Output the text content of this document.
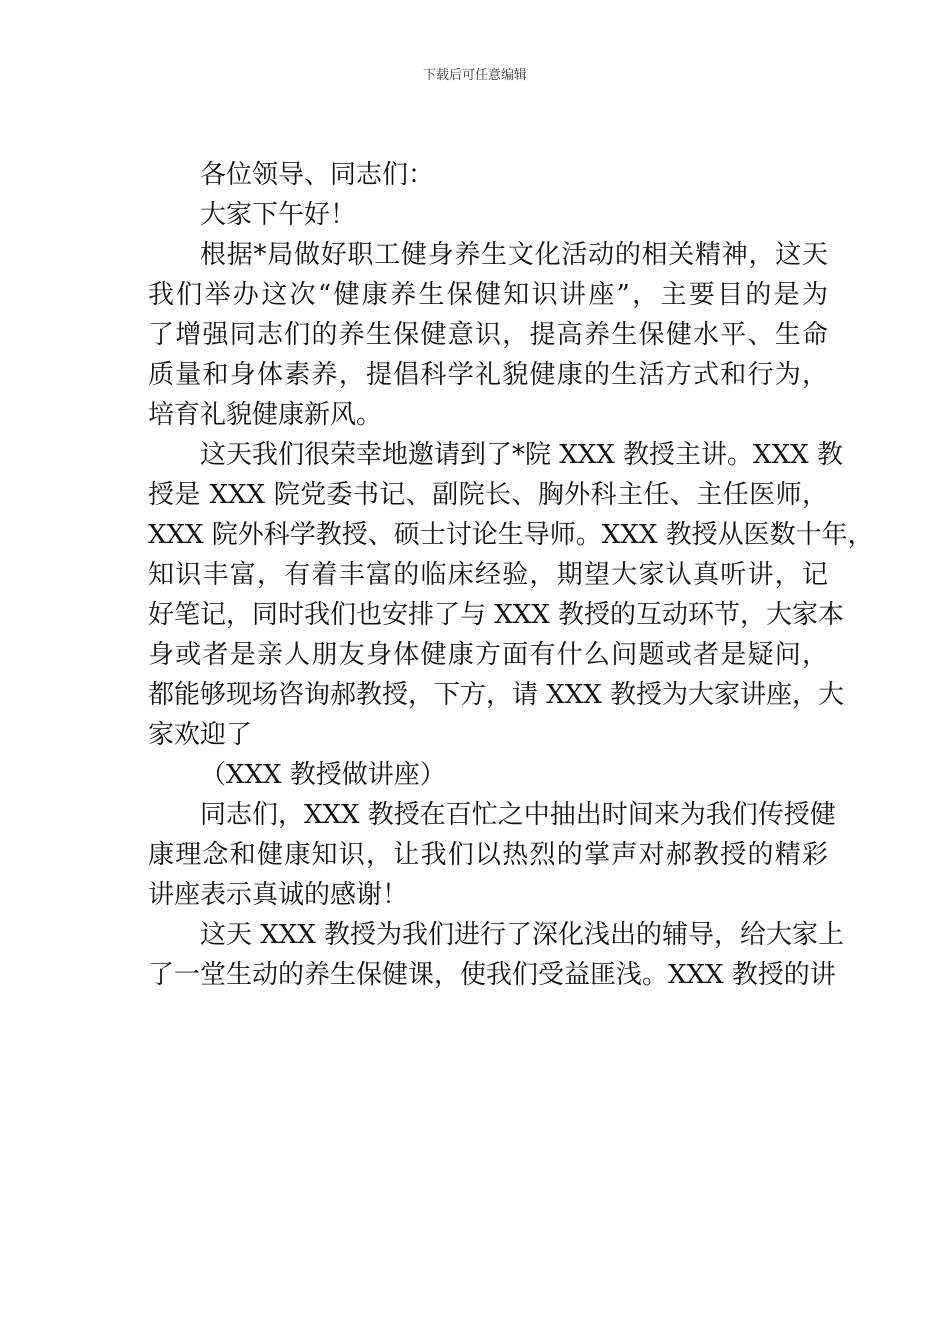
下载后可任意编辑
各位领导、同志们：
大家下午好！
根据*局做好职工健身养生文化活动的相关精神，这天
我们举办这次“健康养生保健知识讲座”，主要目的是为
了增强同志们的养生保健意识，提高养生保健水平、生命
质量和身体素养，提倡科学礼貌健康的生活方式和行为，
培育礼貌健康新风。
这天我们很荣幸地邀请到了*院 XXX 教授主讲。XXX 教
授是 XXX 院党委书记、副院长、胸外科主任、主任医师，
XXX 院外科学教授、硕士讨论生导师。XXX 教授从医数十年，
知识丰富，有着丰富的临床经验，期望大家认真听讲，记
好笔记，同时我们也安排了与 XXX 教授的互动环节，大家本
身或者是亲人朋友身体健康方面有什么问题或者是疑问，
都能够现场咨询郝教授，下方，请 XXX 教授为大家讲座，大
家欢迎了
（XXX 教授做讲座）
同志们，XXX 教授在百忙之中抽出时间来为我们传授健
康理念和健康知识，让我们以热烈的掌声对郝教授的精彩
讲座表示真诚的感谢！
这天 XXX 教授为我们进行了深化浅出的辅导，给大家上
了一堂生动的养生保健课，使我们受益匪浅。XXX 教授的讲
